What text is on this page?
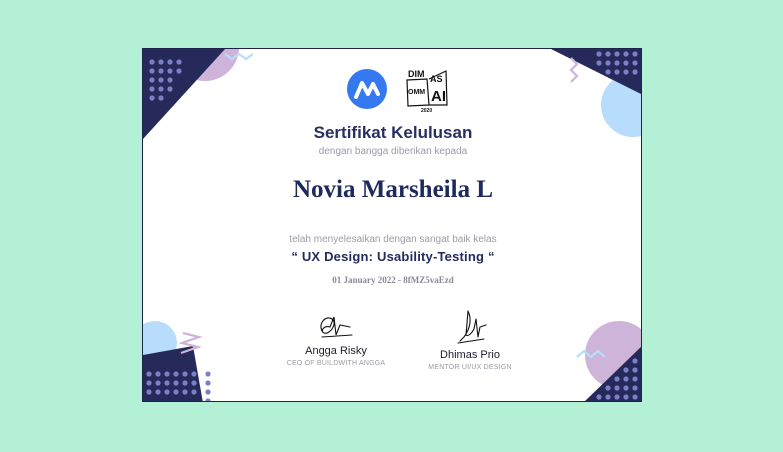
DIM AS
OMM AI
2020
Sertifikat Kelulusan
dengan bangga diberikan kepada
Novia Marsheila L
telah menyelesaikan dengan sangat baik kelas
“ UX Design: Usability-Testing “
01 January 2022 - 8fMZ5vaEzd
Angga Risky
CEO OF BUILDWITH ANGGA
Dhimas Prio
MENTOR UI/UX DESIGN
